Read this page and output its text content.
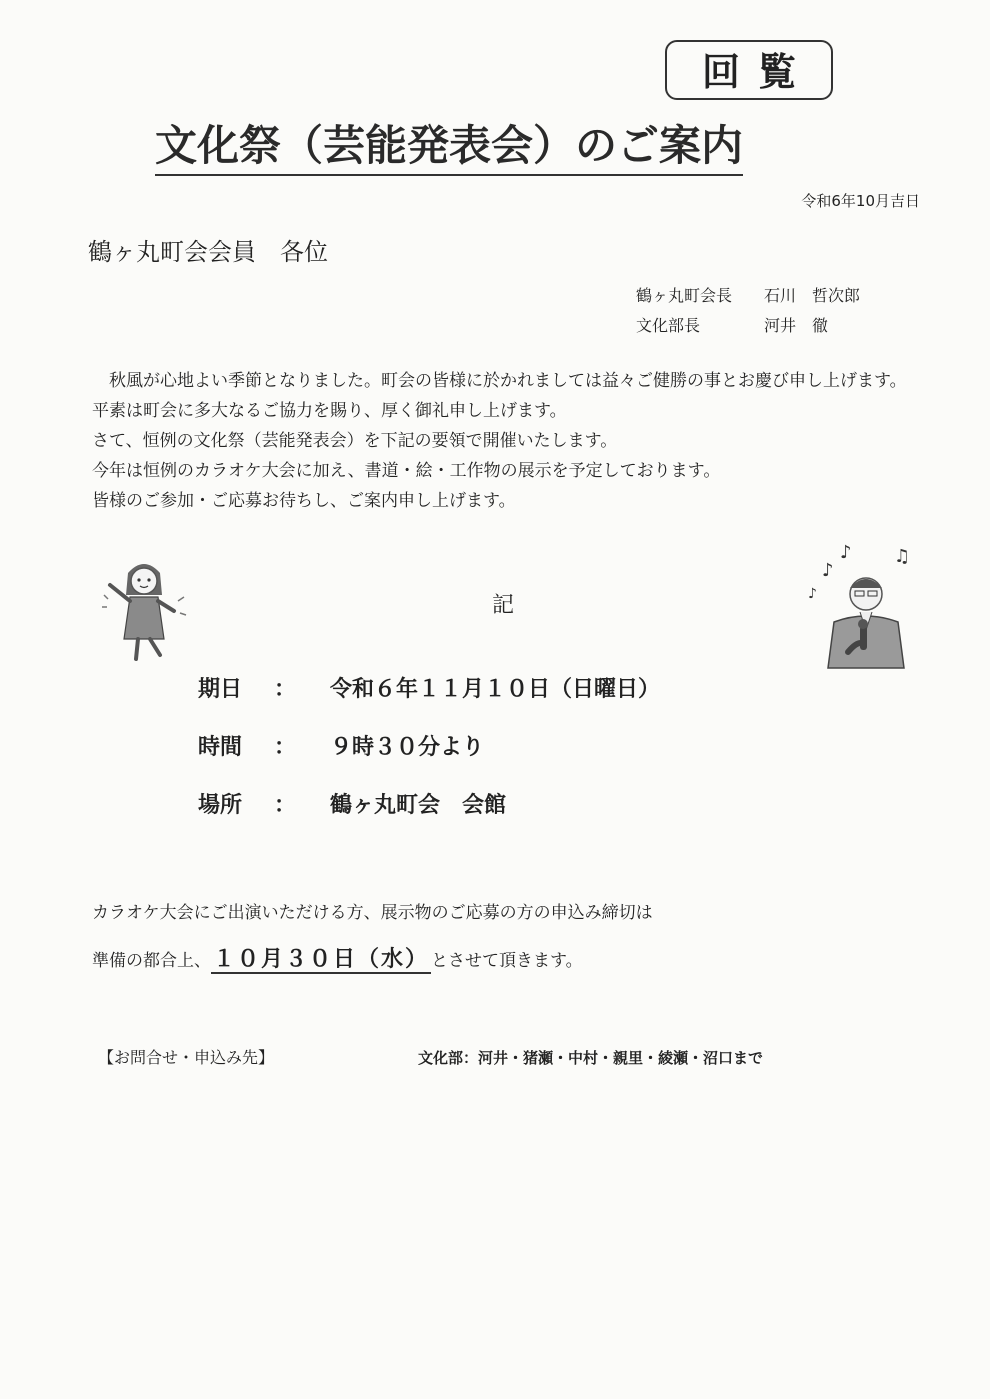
回覧
文化祭（芸能発表会）のご案内
令和6年10月吉日
鶴ヶ丸町会会員　各位
鶴ヶ丸町会長 石川　哲次郎
文化部長	河井　徹

秋風が心地よい季節となりました。町会の皆様に於かれましては益々ご健勝の事とお慶び申し上げます。

平素は町会に多大なるご協力を賜り、厚く御礼申し上げます。

さて、恒例の文化祭（芸能発表会）を下記の要領で開催いたします。

今年は恒例のカラオケ大会に加え、書道・絵・工作物の展示を予定しております。

皆様のご参加・ご応募お待ちし、ご案内申し上げます。

♪
♪ ♫
♪
記
期日 ： 令和６年１１月１０日（日曜日）
時間 ： ９時３０分より
場所 ： 鶴ヶ丸町会　会館
カラオケ大会にご出演いただける方、展示物のご応募の方の申込み締切は
準備の都合上、１０月３０日（水） とさせて頂きます。
【お問合せ・申込み先】	文化部：河井・猪瀬・中村・親里・綾瀬・沼口まで
